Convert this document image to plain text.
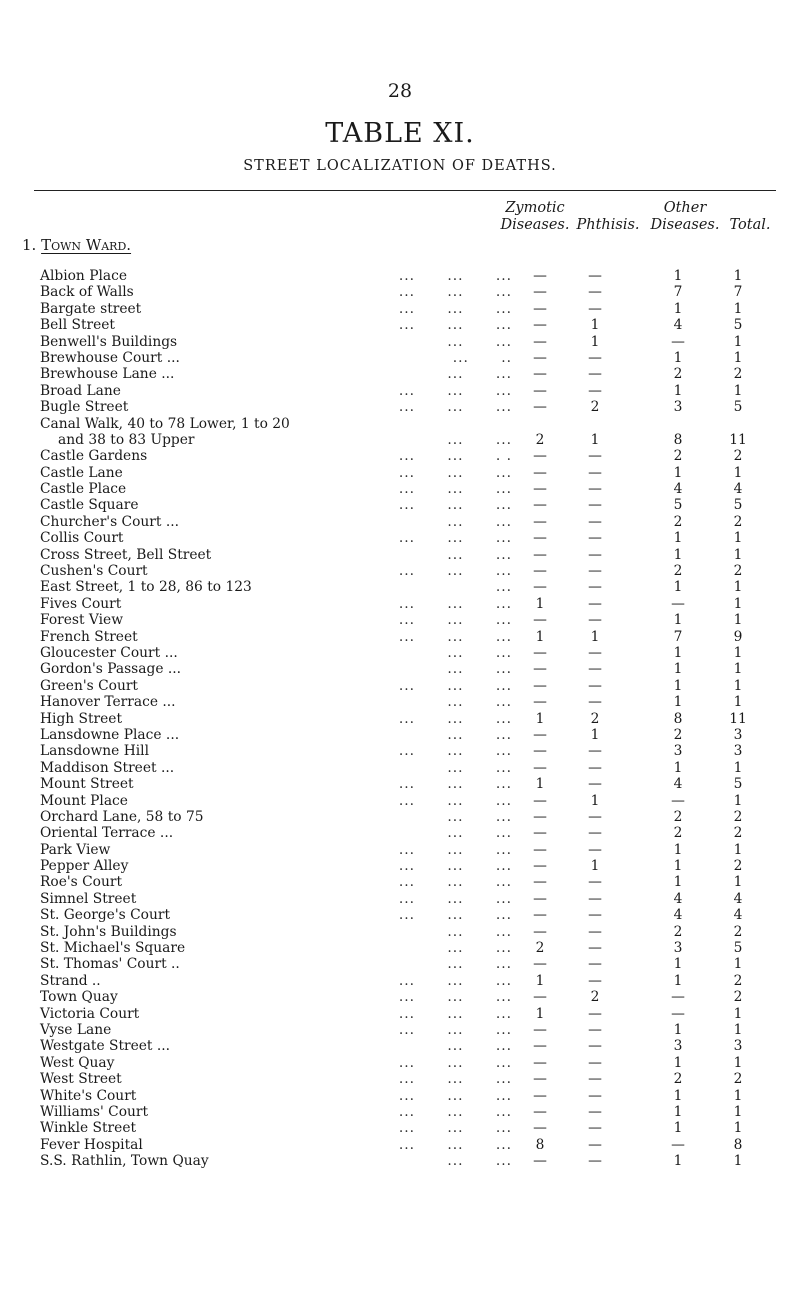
28
TABLE XI.
STREET LOCALIZATION OF DEATHS.
Zymotic
Diseases. Phthisis.
Other
Diseases. Total.
1. Town Ward.
Albion Place	...      ...      ...	—	—	1	1
Back of Walls	...      ...      ...	—	—	7	7
Bargate street	...      ...      ...	—	—	1	1
Bell Street	...      ...      ...	—	1	4	5
Benwell's Buildings	...      ...	—	1	—	1
Brewhouse Court ...	...      ..	—	—	1	1
Brewhouse Lane ...	...      ...	—	—	2	2
Broad Lane	...      ...      ...	—	—	1	1
Bugle Street	...      ...      ...	—	2	3	5
Canal Walk, 40 to 78 Lower, 1 to 20
and 38 to 83 Upper	...      ...	2	1	8	11
Castle Gardens	...      ...      . .	—	—	2	2
Castle Lane	...      ...      ...	—	—	1	1
Castle Place	...      ...      ...	—	—	4	4
Castle Square	...      ...      ...	—	—	5	5
Churcher's Court ...	...      ...	—	—	2	2
Collis Court	...      ...      ...	—	—	1	1
Cross Street, Bell Street	...      ...	—	—	1	1
Cushen's Court	...      ...      ...	—	—	2	2
East Street, 1 to 28, 86 to 123	...	—	—	1	1
Fives Court	...      ...      ...	1	—	—	1
Forest View	...      ...      ...	—	—	1	1
French Street	...      ...      ...	1	1	7	9
Gloucester Court ...	...      ...	—	—	1	1
Gordon's Passage ...	...      ...	—	—	1	1
Green's Court	...      ...      ...	—	—	1	1
Hanover Terrace ...	...      ...	—	—	1	1
High Street	...      ...      ...	1	2	8	11
Lansdowne Place ...	...      ...	—	1	2	3
Lansdowne Hill	...      ...      ...	—	—	3	3
Maddison Street ...	...      ...	—	—	1	1
Mount Street	...      ...      ...	1	—	4	5
Mount Place	...      ...      ...	—	1	—	1
Orchard Lane, 58 to 75	...      ...	—	—	2	2
Oriental Terrace ...	...      ...	—	—	2	2
Park View	...      ...      ...	—	—	1	1
Pepper Alley	...      ...      ...	—	1	1	2
Roe's Court	...      ...      ...	—	—	1	1
Simnel Street	...      ...      ...	—	—	4	4
St. George's Court	...      ...      ...	—	—	4	4
St. John's Buildings	...      ...	—	—	2	2
St. Michael's Square	...      ...	2	—	3	5
St. Thomas' Court ..	...      ...	—	—	1	1
Strand ..	...      ...      ...	1	—	1	2
Town Quay	...      ...      ...	—	2	—	2
Victoria Court	...      ...      ...	1	—	—	1
Vyse Lane	...      ...      ...	—	—	1	1
Westgate Street ...	...      ...	—	—	3	3
West Quay	...      ...      ...	—	—	1	1
West Street	...      ...      ...	—	—	2	2
White's Court	...      ...      ...	—	—	1	1
Williams' Court	...      ...      ...	—	—	1	1
Winkle Street	...      ...      ...	—	—	1	1
Fever Hospital	...      ...      ...	8	—	—	8
S.S. Rathlin, Town Quay	...      ...	—	—	1	1
